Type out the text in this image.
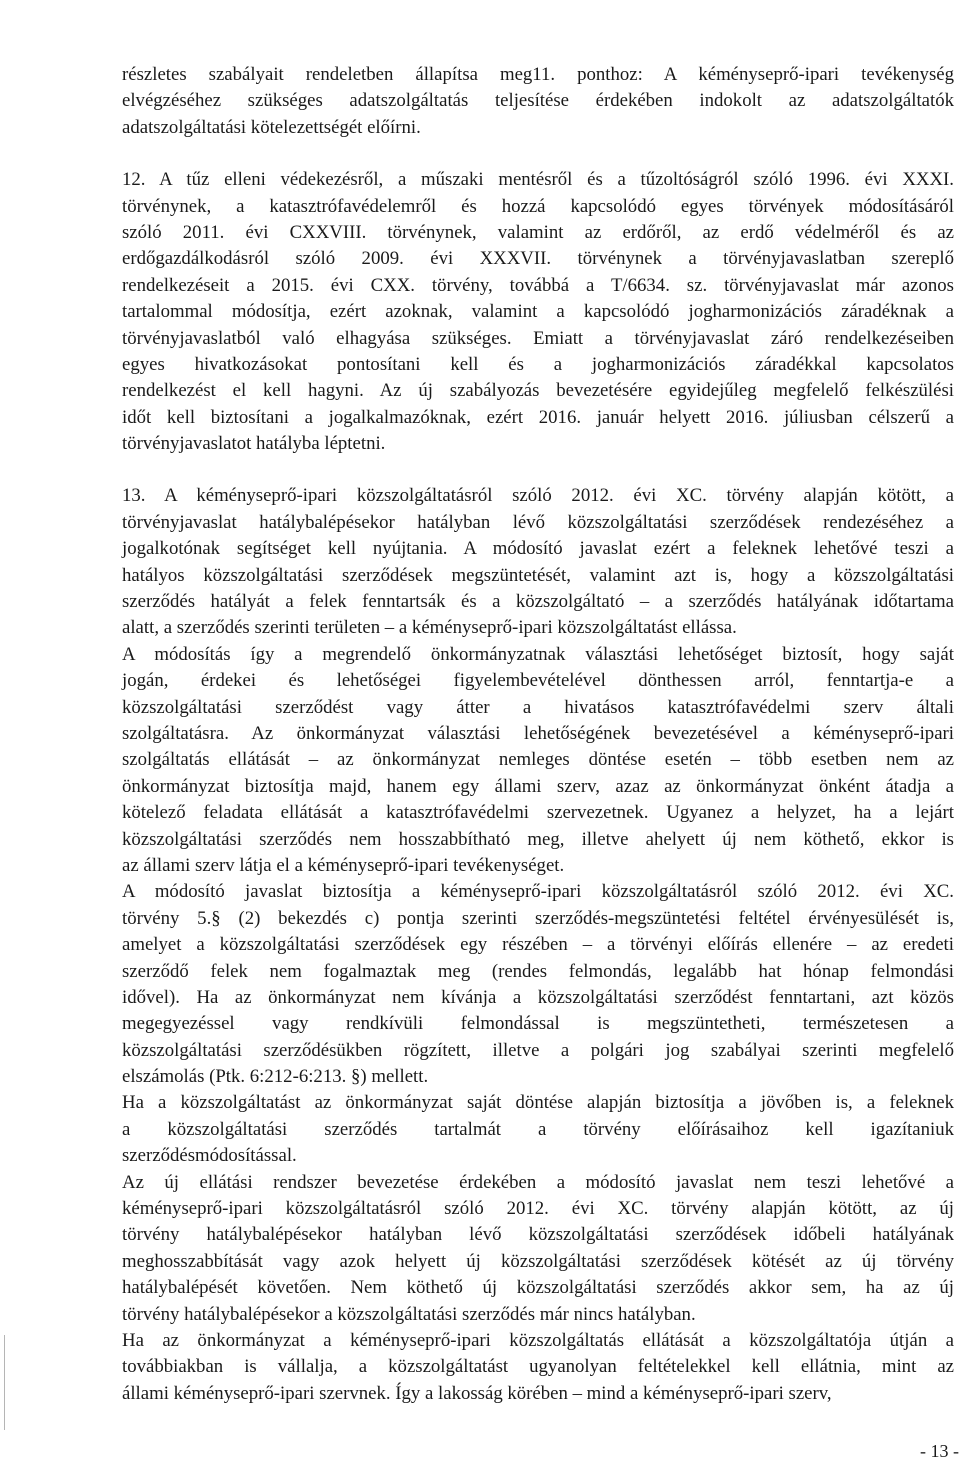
részletes szabályait rendeletben állapítsa meg11. ponthoz: A kéményseprő-ipari tevékenység
elvégzéséhez szükséges adatszolgáltatás teljesítése érdekében indokolt az adatszolgáltatók
adatszolgáltatási kötelezettségét előírni.
12. A tűz elleni védekezésről, a műszaki mentésről és a tűzoltóságról szóló 1996. évi XXXI.
törvénynek, a katasztrófavédelemről és hozzá kapcsolódó egyes törvények módosításáról
szóló 2011. évi CXXVIII. törvénynek, valamint az erdőről, az erdő védelméről és az
erdőgazdálkodásról szóló 2009. évi XXXVII. törvénynek a törvényjavaslatban szereplő
rendelkezéseit a 2015. évi CXX. törvény, továbbá a T/6634. sz. törvényjavaslat már azonos
tartalommal módosítja, ezért azoknak, valamint a kapcsolódó jogharmonizációs záradéknak a
törvényjavaslatból való elhagyása szükséges. Emiatt a törvényjavaslat záró rendelkezéseiben
egyes hivatkozásokat pontosítani kell és a jogharmonizációs záradékkal kapcsolatos
rendelkezést el kell hagyni. Az új szabályozás bevezetésére egyidejűleg megfelelő felkészülési
időt kell biztosítani a jogalkalmazóknak, ezért 2016. január helyett 2016. júliusban célszerű a
törvényjavaslatot hatályba léptetni.
13. A kéményseprő-ipari közszolgáltatásról szóló 2012. évi XC. törvény alapján kötött, a
törvényjavaslat hatálybalépésekor hatályban lévő közszolgáltatási szerződések rendezéséhez a
jogalkotónak segítséget kell nyújtania. A módosító javaslat ezért a feleknek lehetővé teszi a
hatályos közszolgáltatási szerződések megszüntetését, valamint azt is, hogy a közszolgáltatási
szerződés hatályát a felek fenntartsák és a közszolgáltató – a szerződés hatályának időtartama
alatt, a szerződés szerinti területen – a kéményseprő-ipari közszolgáltatást ellássa.
A módosítás így a megrendelő önkormányzatnak választási lehetőséget biztosít, hogy saját
jogán, érdekei és lehetőségei figyelembevételével dönthessen arról, fenntartja-e a
közszolgáltatási szerződést vagy átter a hivatásos katasztrófavédelmi szerv általi
szolgáltatásra. Az önkormányzat választási lehetőségének bevezetésével a kéményseprő-ipari
szolgáltatás ellátását – az önkormányzat nemleges döntése esetén – több esetben nem az
önkormányzat biztosítja majd, hanem egy állami szerv, azaz az önkormányzat önként átadja a
kötelező feladata ellátását a katasztrófavédelmi szervezetnek. Ugyanez a helyzet, ha a lejárt
közszolgáltatási szerződés nem hosszabbítható meg, illetve ahelyett új nem köthető, ekkor is
az állami szerv látja el a kéményseprő-ipari tevékenységet.
A módosító javaslat biztosítja a kéményseprő-ipari közszolgáltatásról szóló 2012. évi XC.
törvény 5.§ (2) bekezdés c) pontja szerinti szerződés-megszüntetési feltétel érvényesülését is,
amelyet a közszolgáltatási szerződések egy részében – a törvényi előírás ellenére – az eredeti
szerződő felek nem fogalmaztak meg (rendes felmondás, legalább hat hónap felmondási
idővel). Ha az önkormányzat nem kívánja a közszolgáltatási szerződést fenntartani, azt közös
megegyezéssel vagy rendkívüli felmondással is megszüntetheti, természetesen a
közszolgáltatási szerződésükben rögzített, illetve a polgári jog szabályai szerinti megfelelő
elszámolás (Ptk. 6:212-6:213. §) mellett.
Ha a közszolgáltatást az önkormányzat saját döntése alapján biztosítja a jövőben is, a feleknek
a közszolgáltatási szerződés tartalmát a törvény előírásaihoz kell igazítaniuk
szerződésmódosítással.
Az új ellátási rendszer bevezetése érdekében a módosító javaslat nem teszi lehetővé a
kéményseprő-ipari közszolgáltatásról szóló 2012. évi XC. törvény alapján kötött, az új
törvény hatálybalépésekor hatályban lévő közszolgáltatási szerződések időbeli hatályának
meghosszabbítását vagy azok helyett új közszolgáltatási szerződések kötését az új törvény
hatálybalépését követően. Nem köthető új közszolgáltatási szerződés akkor sem, ha az új
törvény hatálybalépésekor a közszolgáltatási szerződés már nincs hatályban.
Ha az önkormányzat a kéményseprő-ipari közszolgáltatás ellátását a közszolgáltatója útján a
továbbiakban is vállalja, a közszolgáltatást ugyanolyan feltételekkel kell ellátnia, mint az
állami kéményseprő-ipari szervnek. Így a lakosság körében – mind a kéményseprő-ipari szerv,
- 13 -
